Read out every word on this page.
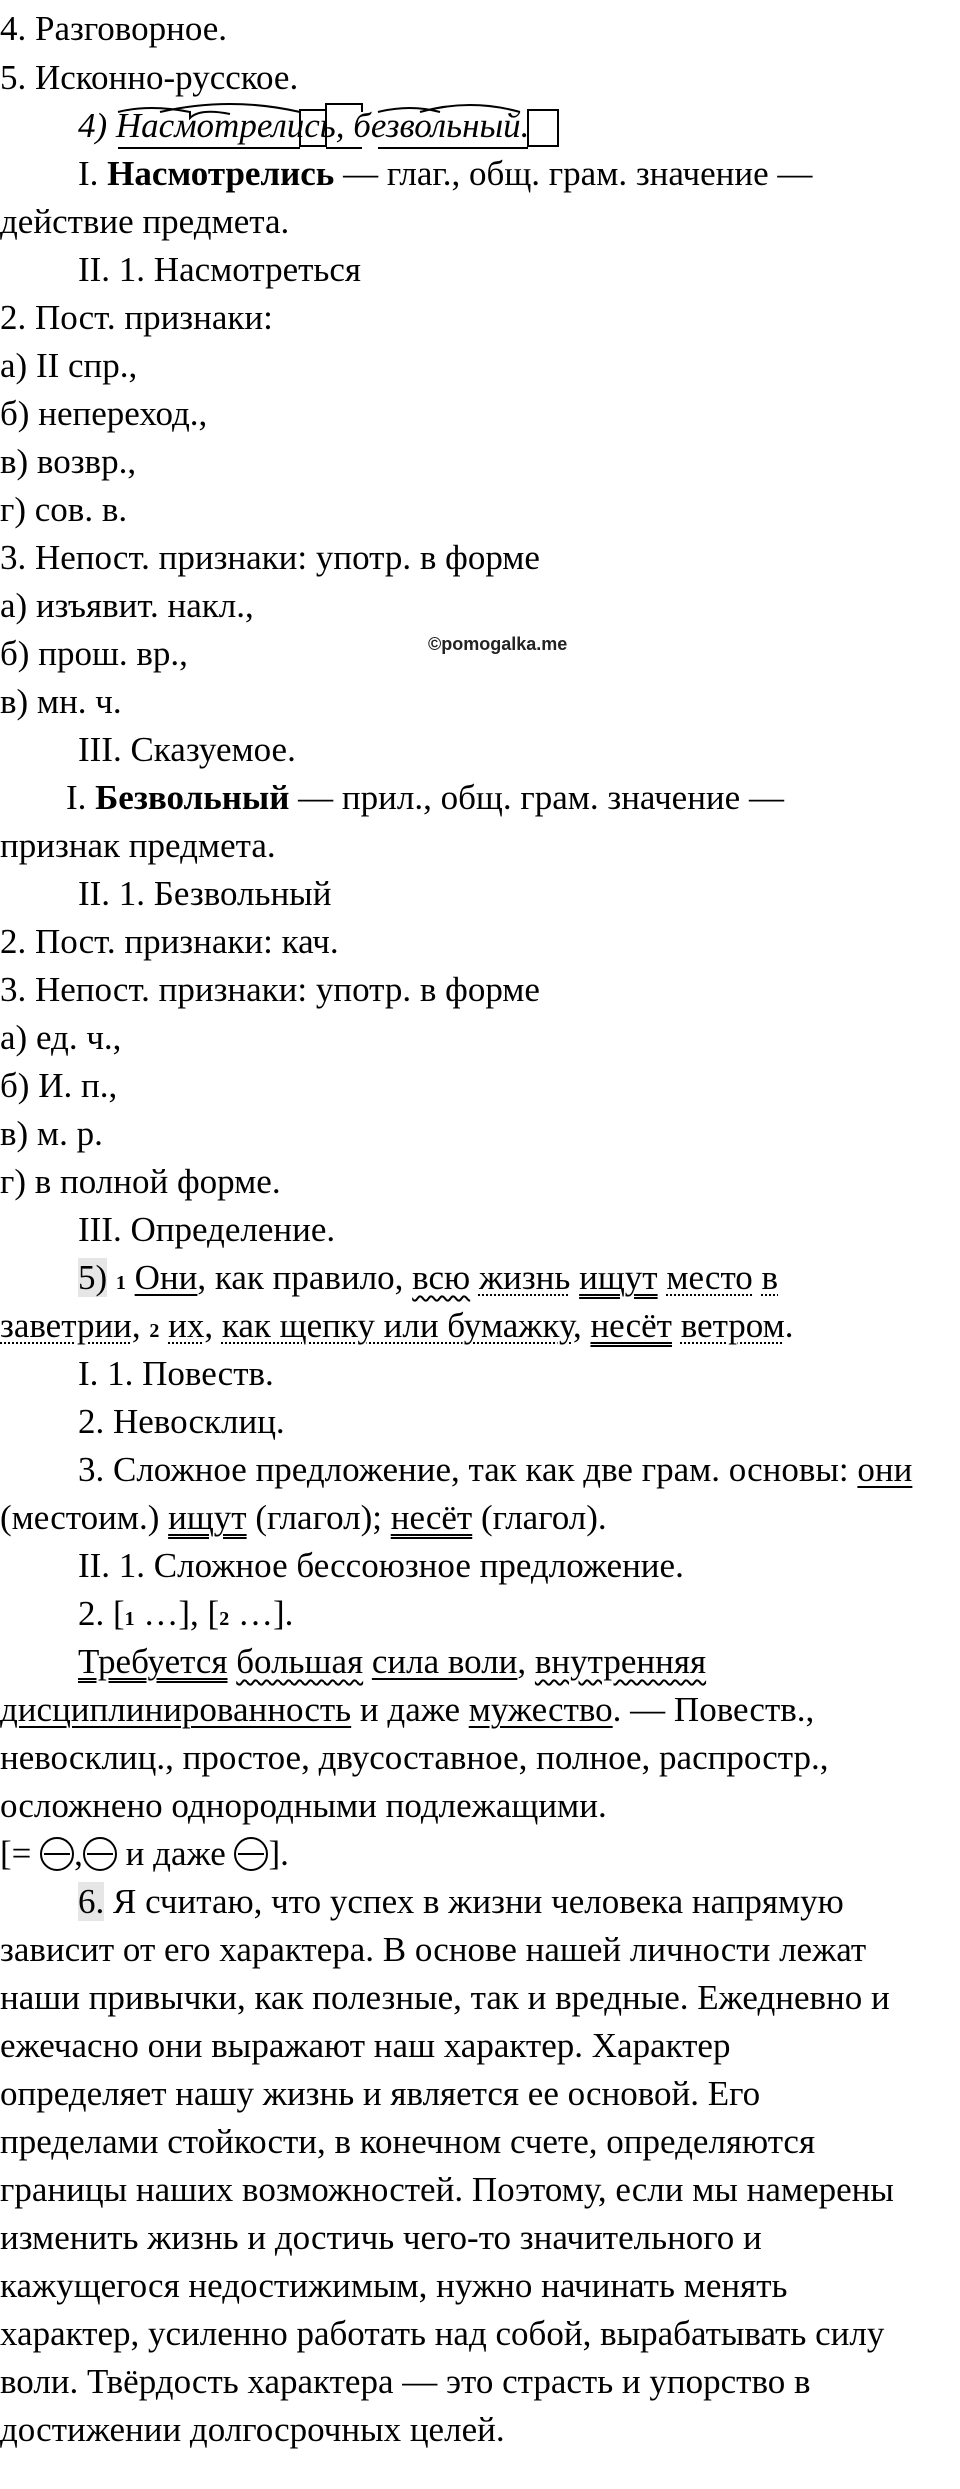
©pomogalka.me
4. Разговорное.
5. Исконно-русское.
4) Насмотрелись, безвольный.
I. Насмотрелись — глаг., общ. грам. значение —
действие предмета.
II. 1. Насмотреться
2. Пост. признаки:
а) II спр.,
б) непереход.,
в) возвр.,
г) сов. в.
3. Непост. признаки: употр. в форме
а) изъявит. накл.,
б) прош. вр.,
в) мн. ч.
III. Сказуемое.
I. Безвольный — прил., общ. грам. значение —
признак предмета.
II. 1. Безвольный
2. Пост. признаки: кач.
3. Непост. признаки: употр. в форме
а) ед. ч.,
б) И. п.,
в) м. р.
г) в полной форме.
III. Определение.
5) 1 Они, как правило, всю жизнь ищут место в
заветрии, 2 их, как щепку или бумажку, несёт ветром.
I. 1. Повеств.
2. Невосклиц.
3. Сложное предложение, так как две грам. основы: они
(местоим.) ищут (глагол); несёт (глагол).
II. 1. Сложное бессоюзное предложение.
2. [1 …], [2 …].
Требуется большая сила воли, внутренняя
дисциплинированность и даже мужество. — Повеств.,
невосклиц., простое, двусоставное, полное, распростр.,
осложнено однородными подлежащими.
[= , и даже ].
6. Я считаю, что успех в жизни человека напрямую
зависит от его характера. В основе нашей личности лежат
наши привычки, как полезные, так и вредные. Ежедневно и
ежечасно они выражают наш характер. Характер
определяет нашу жизнь и является ее основой. Его
пределами стойкости, в конечном счете, определяются
границы наших возможностей. Поэтому, если мы намерены
изменить жизнь и достичь чего-то значительного и
кажущегося недостижимым, нужно начинать менять
характер, усиленно работать над собой, вырабатывать силу
воли. Твёрдость характера — это страсть и упорство в
достижении долгосрочных целей.
